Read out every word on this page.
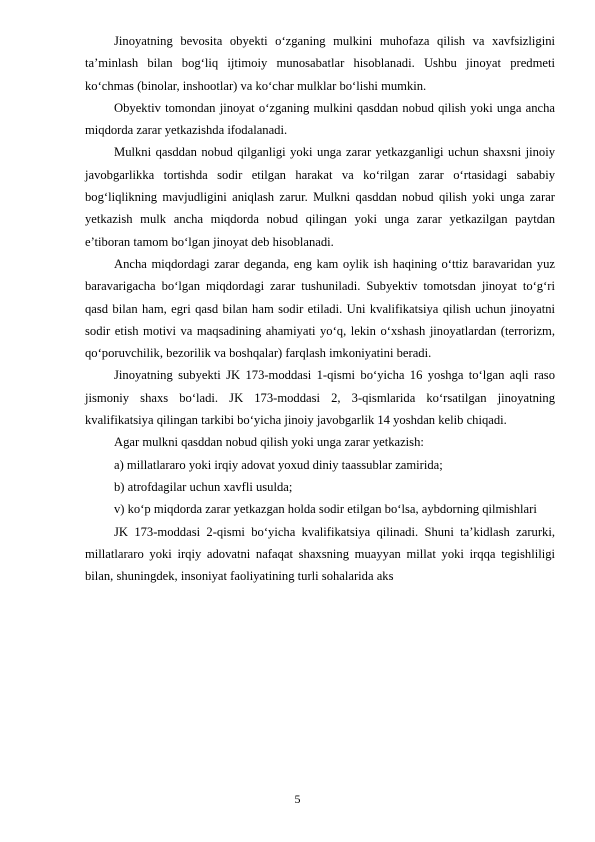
Jinoyatning bevosita obyekti o‘zganing mulkini muhofaza qilish va xavfsizligini ta’minlash bilan bog‘liq ijtimoiy munosabatlar hisoblanadi. Ushbu jinoyat predmeti ko‘chmas (binolar, inshootlar) va ko‘char mulklar bo‘lishi mumkin.

Obyektiv tomondan jinoyat o‘zganing mulkini qasddan nobud qilish yoki unga ancha miqdorda zarar yetkazishda ifodalanadi.

Mulkni qasddan nobud qilganligi yoki unga zarar yetkazganligi uchun shaxsni jinoiy javobgarlikka tortishda sodir etilgan harakat va ko‘rilgan zarar o‘rtasidagi sababiy bog‘liqlikning mavjudligini aniqlash zarur. Mulkni qasddan nobud qilish yoki unga zarar yetkazish mulk ancha miqdorda nobud qilingan yoki unga zarar yetkazilgan paytdan e’tiboran tamom bo‘lgan jinoyat deb hisoblanadi.

Ancha miqdordagi zarar deganda, eng kam oylik ish haqining o‘ttiz baravaridan yuz baravarigacha bo‘lgan miqdordagi zarar tushuniladi. Subyektiv tomotsdan jinoyat to‘g‘ri qasd bilan ham, egri qasd bilan ham sodir etiladi. Uni kvalifikatsiya qilish uchun jinoyatni sodir etish motivi va maqsadining ahamiyati yo‘q, lekin o‘xshash jinoyatlardan (terrorizm, qo‘poruvchilik, bezorilik va boshqalar) farqlash imkoniyatini beradi.

Jinoyatning subyekti JK 173-moddasi 1-qismi bo‘yicha 16 yoshga to‘lgan aqli raso jismoniy shaxs bo‘ladi. JK 173-moddasi 2, 3-qismlarida ko‘rsatilgan jinoyatning kvalifikatsiya qilingan tarkibi bo‘yicha jinoiy javobgarlik 14 yoshdan kelib chiqadi.

Agar mulkni qasddan nobud qilish yoki unga zarar yetkazish:

a) millatlararo yoki irqiy adovat yoxud diniy taassublar zamirida;

b) atrofdagilar uchun xavfli usulda;

v) ko‘p miqdorda zarar yetkazgan holda sodir etilgan bo‘lsa, aybdorning qilmishlari

JK 173-moddasi 2-qismi bo‘yicha kvalifikatsiya qilinadi. Shuni ta’kidlash zarurki, millatlararo yoki irqiy adovatni nafaqat shaxsning muayyan millat yoki irqqa tegishliligi bilan, shuningdek, insoniyat faoliyatining turli sohalarida aks

5
